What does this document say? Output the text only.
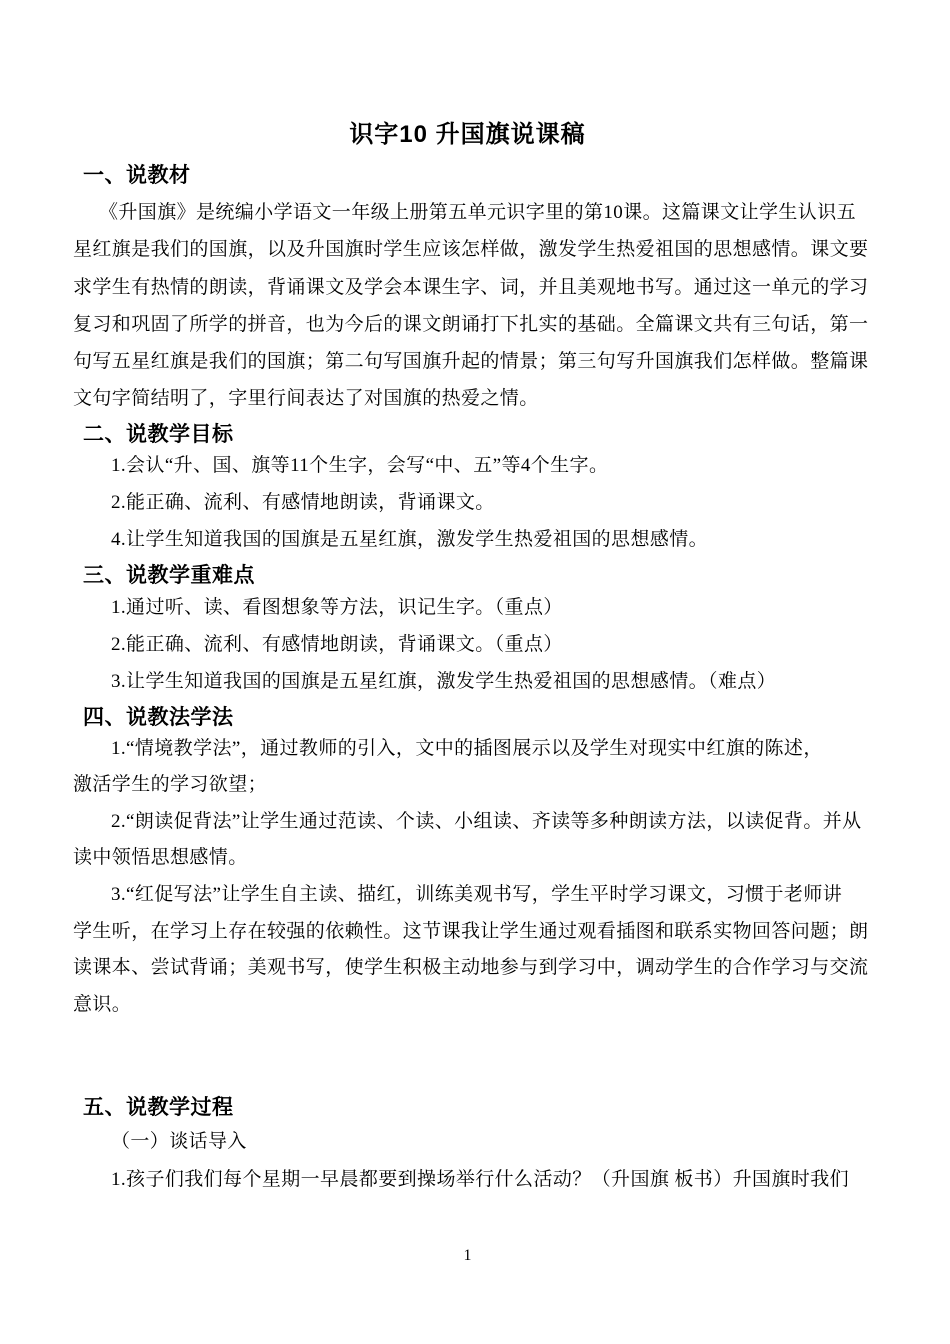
识字10 升国旗说课稿
一、说教材
《升国旗》是统编小学语文一年级上册第五单元识字里的第10课。这篇课文让学生认识五
星红旗是我们的国旗，以及升国旗时学生应该怎样做，激发学生热爱祖国的思想感情。课文要
求学生有热情的朗读，背诵课文及学会本课生字、词，并且美观地书写。通过这一单元的学习
复习和巩固了所学的拼音，也为今后的课文朗诵打下扎实的基础。全篇课文共有三句话，第一
句写五星红旗是我们的国旗；第二句写国旗升起的情景；第三句写升国旗我们怎样做。整篇课
文句字简结明了，字里行间表达了对国旗的热爱之情。
二、说教学目标
1.会认“升、国、旗等11个生字，会写“中、五”等4个生字。
2.能正确、流利、有感情地朗读，背诵课文。
4.让学生知道我国的国旗是五星红旗，激发学生热爱祖国的思想感情。
三、说教学重难点
1.通过听、读、看图想象等方法，识记生字。（重点）
2.能正确、流利、有感情地朗读，背诵课文。（重点）
3.让学生知道我国的国旗是五星红旗，激发学生热爱祖国的思想感情。（难点）
四、说教法学法
1.“情境教学法”，通过教师的引入，文中的插图展示以及学生对现实中红旗的陈述，
激活学生的学习欲望；
2.“朗读促背法”让学生通过范读、个读、小组读、齐读等多种朗读方法，以读促背。并从
读中领悟思想感情。
3.“红促写法”让学生自主读、描红，训练美观书写，学生平时学习课文，习惯于老师讲
学生听，在学习上存在较强的依赖性。这节课我让学生通过观看插图和联系实物回答问题；朗
读课本、尝试背诵；美观书写，使学生积极主动地参与到学习中，调动学生的合作学习与交流
意识。
五、说教学过程
（一）谈话导入
1.孩子们我们每个星期一早晨都要到操场举行什么活动？（升国旗 板书）升国旗时我们
1
